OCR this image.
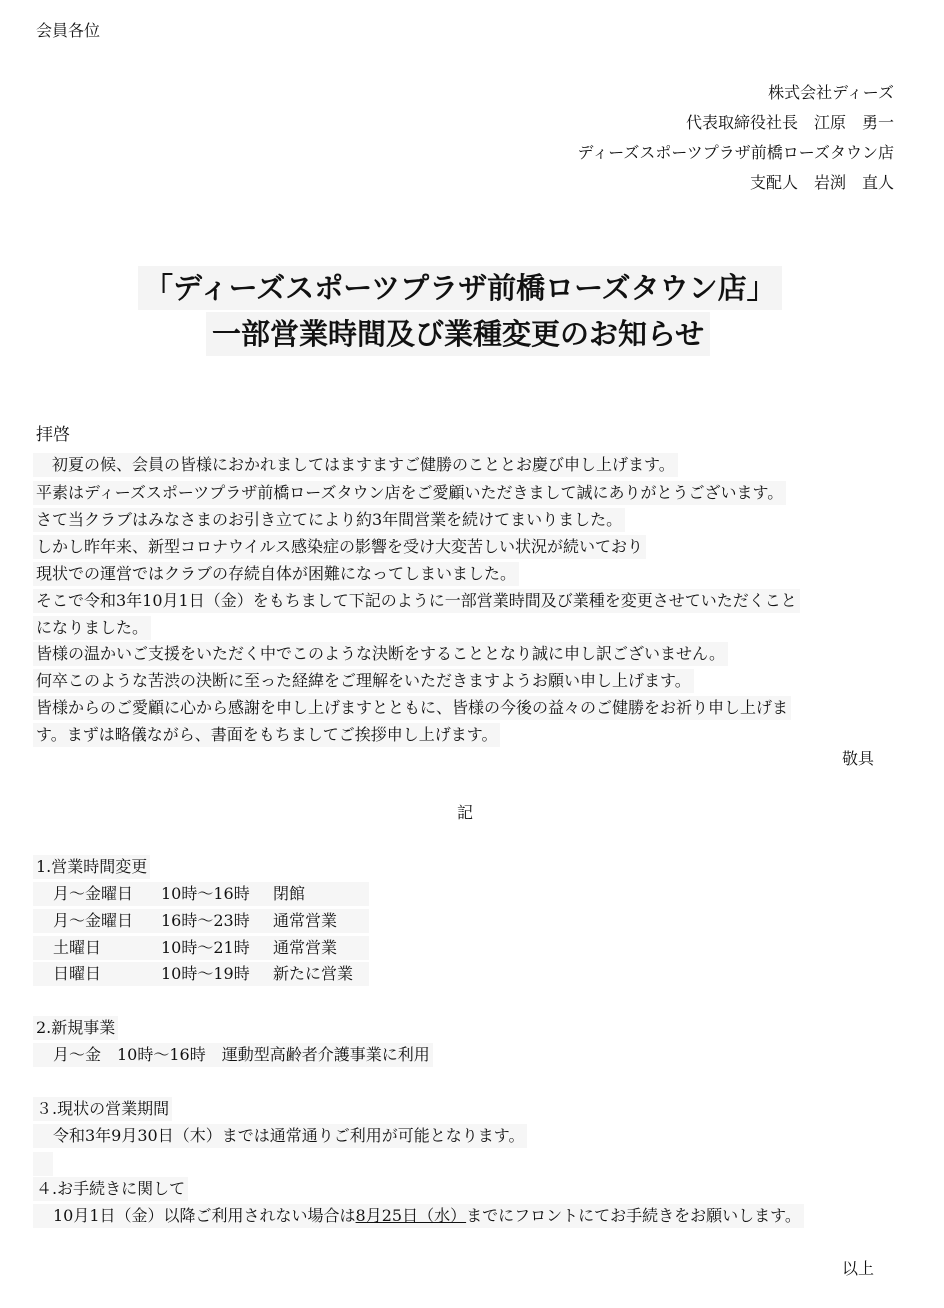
会員各位
株式会社ディーズ
代表取締役社長　江原　勇一
ディーズスポーツプラザ前橋ローズタウン店
支配人　岩渕　直人
「ディーズスポーツプラザ前橋ローズタウン店」
一部営業時間及び業種変更のお知らせ
拝啓
　初夏の候、会員の皆様におかれましてはますますご健勝のこととお慶び申し上げます。
平素はディーズスポーツプラザ前橋ローズタウン店をご愛顧いただきまして誠にありがとうございます。
さて当クラブはみなさまのお引き立てにより約3年間営業を続けてまいりました。
しかし昨年来、新型コロナウイルス感染症の影響を受け大変苦しい状況が続いており
現状での運営ではクラブの存続自体が困難になってしまいました。
そこで令和3年10月1日（金）をもちまして下記のように一部営業時間及び業種を変更させていただくこと
になりました。
皆様の温かいご支援をいただく中でこのような決断をすることとなり誠に申し訳ございません。
何卒このような苦渋の決断に至った経緯をご理解をいただきますようお願い申し上げます。
皆様からのご愛顧に心から感謝を申し上げますとともに、皆様の今後の益々のご健勝をお祈り申し上げま
す。まずは略儀ながら、書面をもちましてご挨拶申し上げます。
敬具
記
1.営業時間変更
月～金曜日 10時～16時 閉館

月～金曜日 16時～23時 通常営業

土曜日	10時～21時 通常営業

日曜日	10時～19時 新たに営業

2.新規事業
月～金　10時～16時　運動型高齢者介護事業に利用
３.現状の営業期間
令和3年9月30日（木）までは通常通りご利用が可能となります。
４.お手続きに関して
10月1日（金）以降ご利用されない場合は8月25日（水）までにフロントにてお手続きをお願いします。
以上
